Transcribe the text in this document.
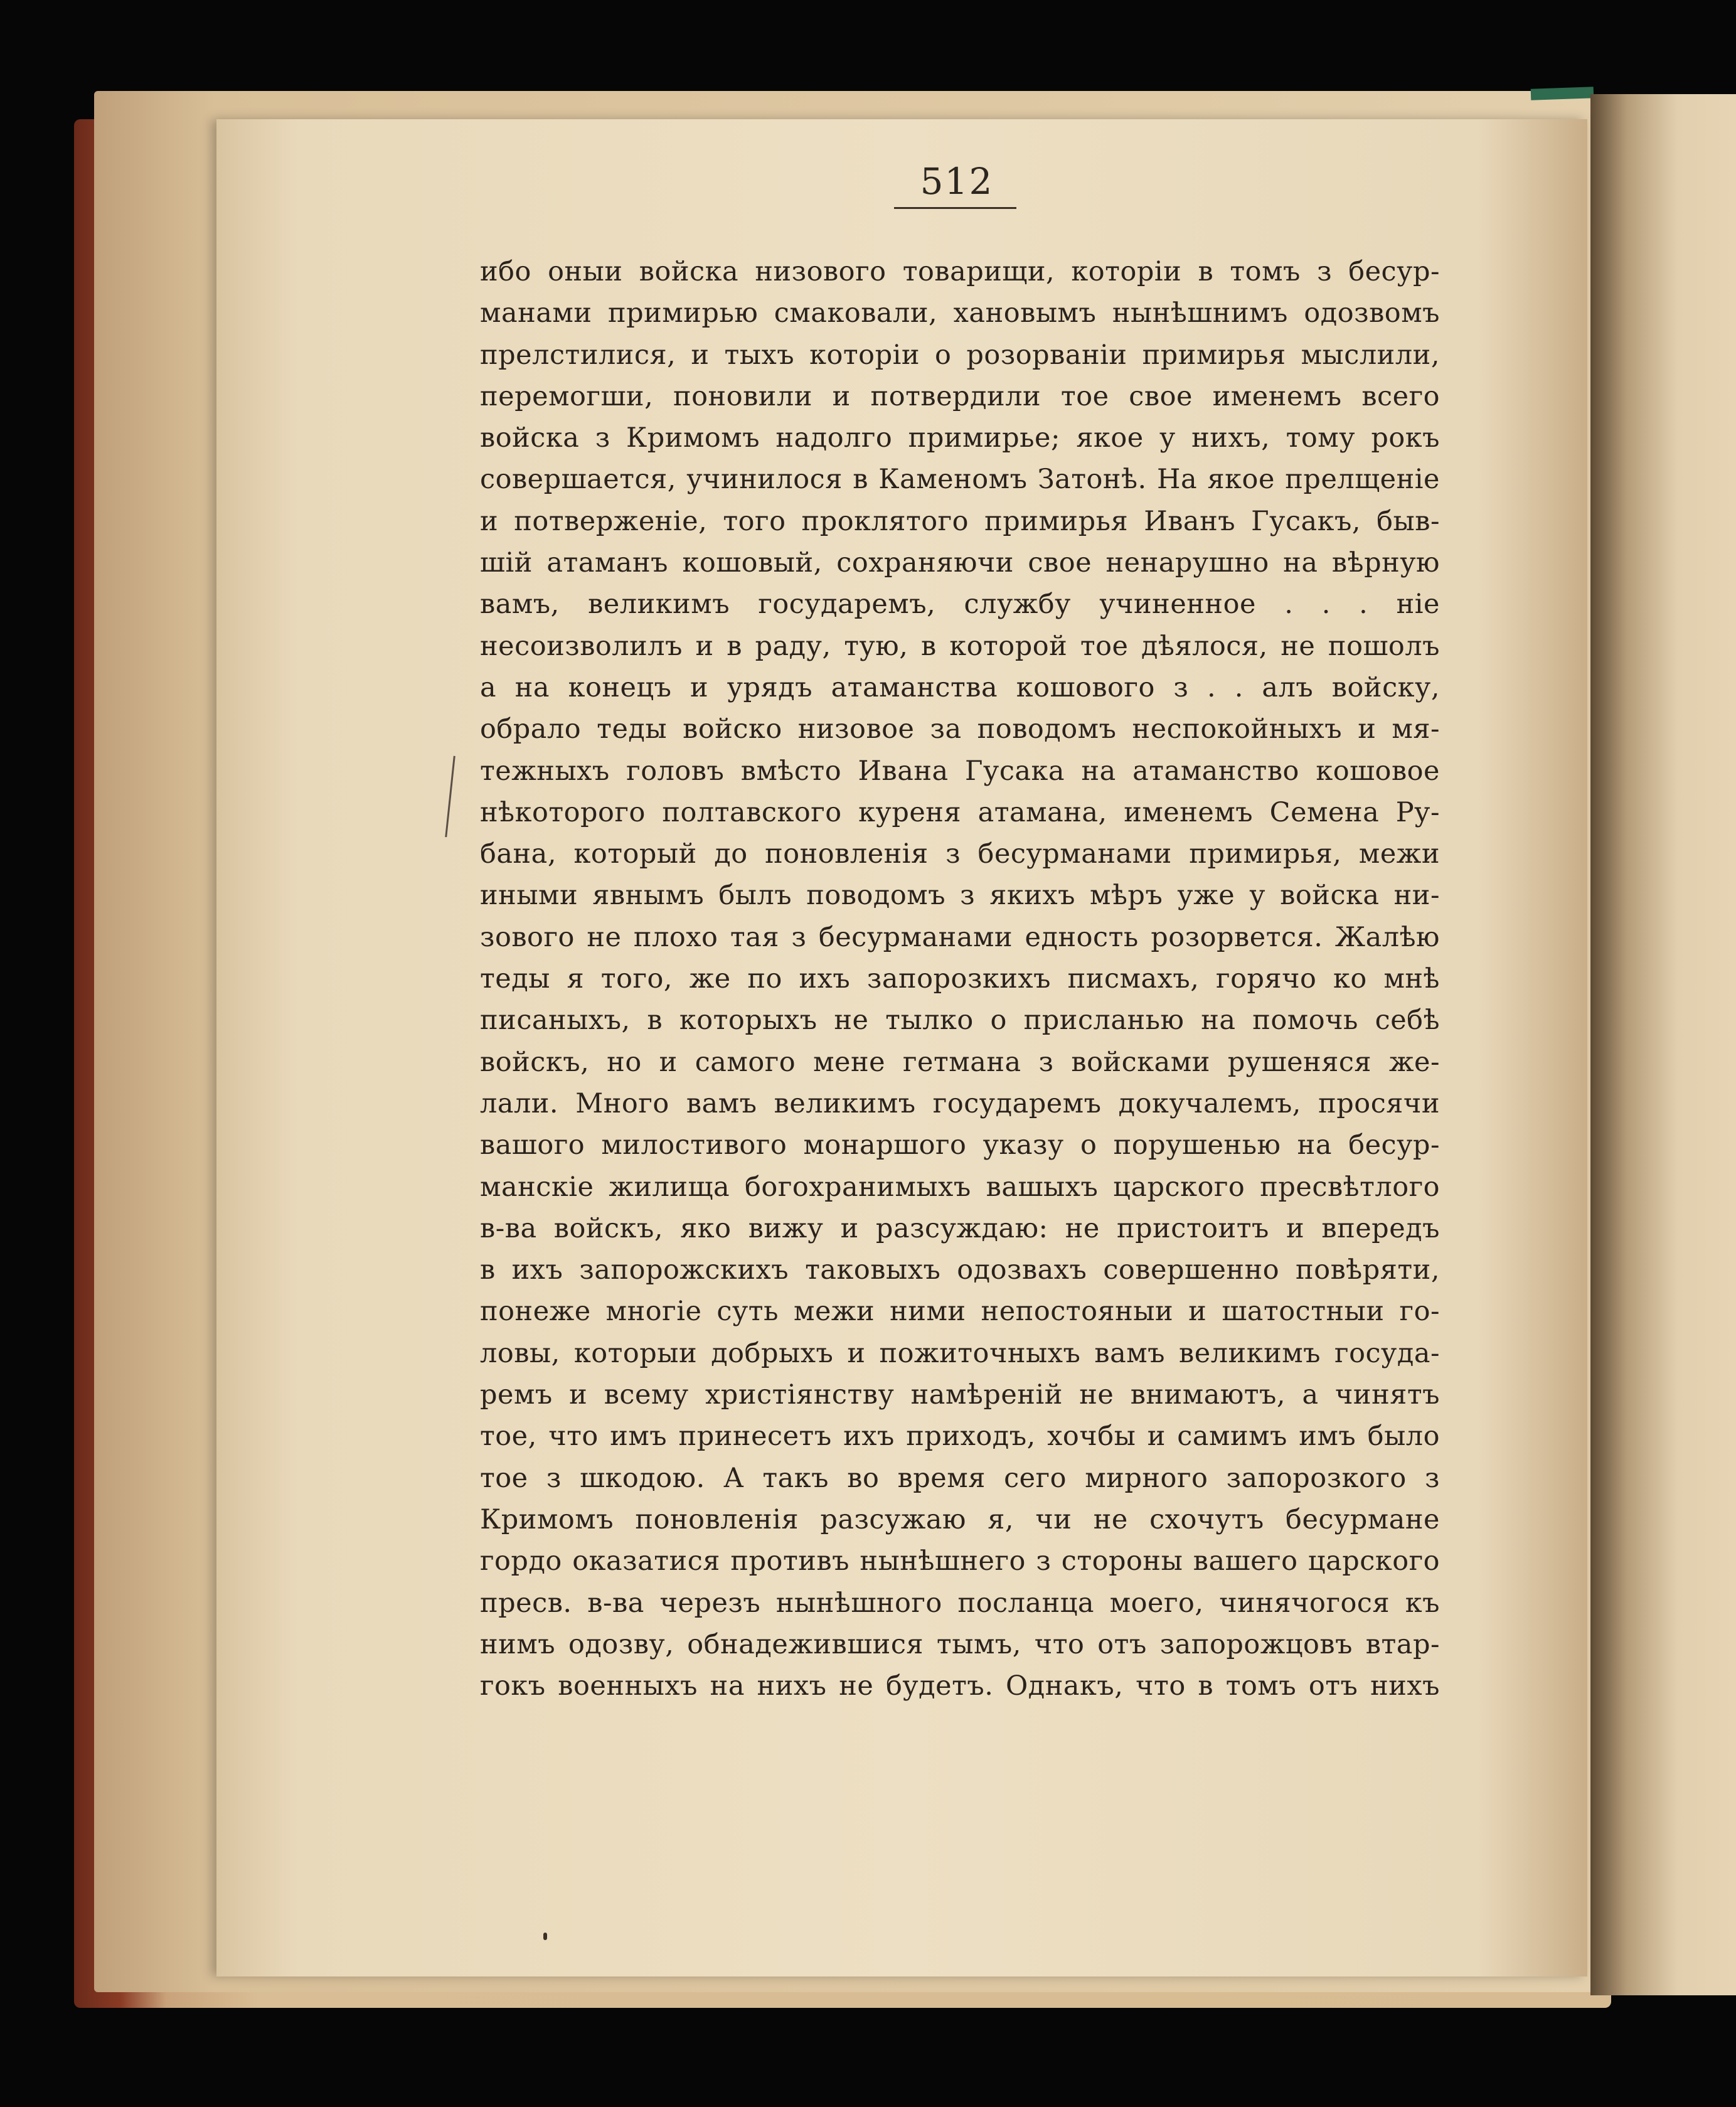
512
ибо оныи войска низового товарищи, которiи в томъ з бесур-
манами примирью смаковали, хановымъ нынѣшнимъ одозвомъ
прелстилися, и тыхъ которiи о розорванiи примирья мыслили,
перемогши, поновили и потвердили тое свое именемъ всего
войска з Кримомъ надолго примирье; якое у нихъ, тому рокъ
совершается, учинилося в Каменомъ Затонѣ. На якое прелщенiе
и потверженiе, того проклятого примирья Иванъ Гусакъ, быв-
шiй атаманъ кошовый, сохраняючи свое ненарушно на вѣрную
вамъ, великимъ государемъ, службу учиненное . . . нiе
несоизволилъ и в раду, тую, в которой тое дѣялося, не пошолъ
а на конецъ и урядъ атаманства кошового з . . алъ войску,
обрало теды войско низовое за поводомъ неспокойныхъ и мя-
тежныхъ головъ вмѣсто Ивана Гусака на атаманство кошовое
нѣкоторого полтавского куреня атамана, именемъ Семена Ру-
бана, который до поновленiя з бесурманами примирья, межи
иными явнымъ былъ поводомъ з якихъ мѣръ уже у войска ни-
зового не плохо тая з бесурманами едность розорвется. Жалѣю
теды я того, же по ихъ запорозкихъ писмахъ, горячо ко мнѣ
писаныхъ, в которыхъ не тылко о присланью на помочь себѣ
войскъ, но и самого мене гетмана з войсками рушеняся же-
лали. Много вамъ великимъ государемъ докучалемъ, просячи
вашого милостивого монаршого указу о порушенью на бесур-
манскiе жилища богохранимыхъ вашыхъ царского пресвѣтлого
в-ва войскъ, яко вижу и разсуждаю: не пристоитъ и впередъ
в ихъ запорожскихъ таковыхъ одозвахъ совершенно повѣряти,
понеже многiе суть межи ними непостояныи и шатостныи го-
ловы, которыи добрыхъ и пожиточныхъ вамъ великимъ госуда-
ремъ и всему христiянству намѣренiй не внимаютъ, а чинятъ
тое, что имъ принесетъ ихъ приходъ, хочбы и самимъ имъ было
тое з шкодою. А такъ во время сего мирного запорозкого з
Кримомъ поновленiя разсужаю я, чи не схочутъ бесурмане
гордо оказатися противъ нынѣшнего з стороны вашего царского
пресв. в-ва черезъ нынѣшного посланца моего, чинячогося къ
нимъ одозву, обнадежившися тымъ, что отъ запорожцовъ втар-
гокъ военныхъ на нихъ не будетъ. Однакъ, что в томъ отъ нихъ
